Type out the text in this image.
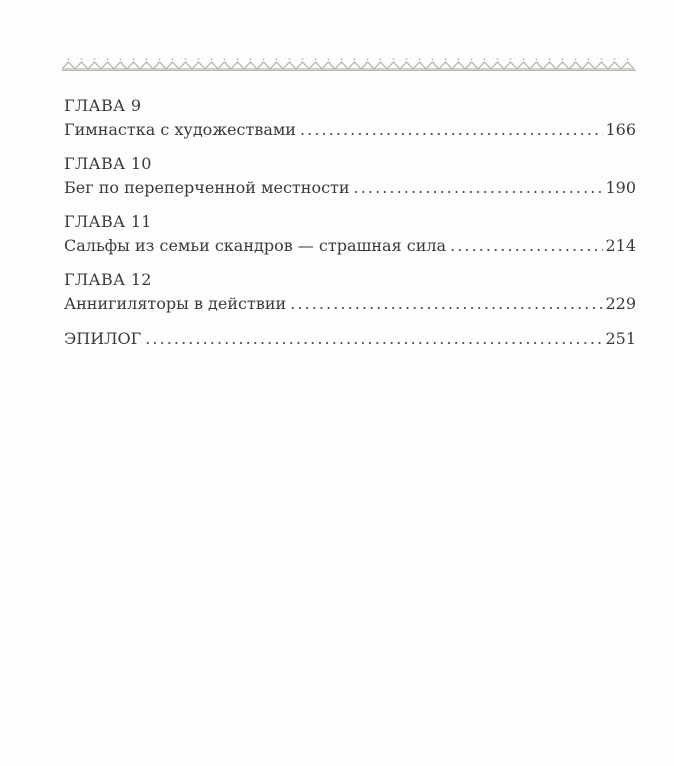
ГЛАВА 9
Гимнастка с художествами . . .	166
ГЛАВА 10
Бег по переперченной местности . . .	190
ГЛАВА 11
Сальфы из семьи скандров — страшная сила . . .	214
ГЛАВА 12
Аннигиляторы в действии . . .	229
ЭПИЛОГ . . .	251
